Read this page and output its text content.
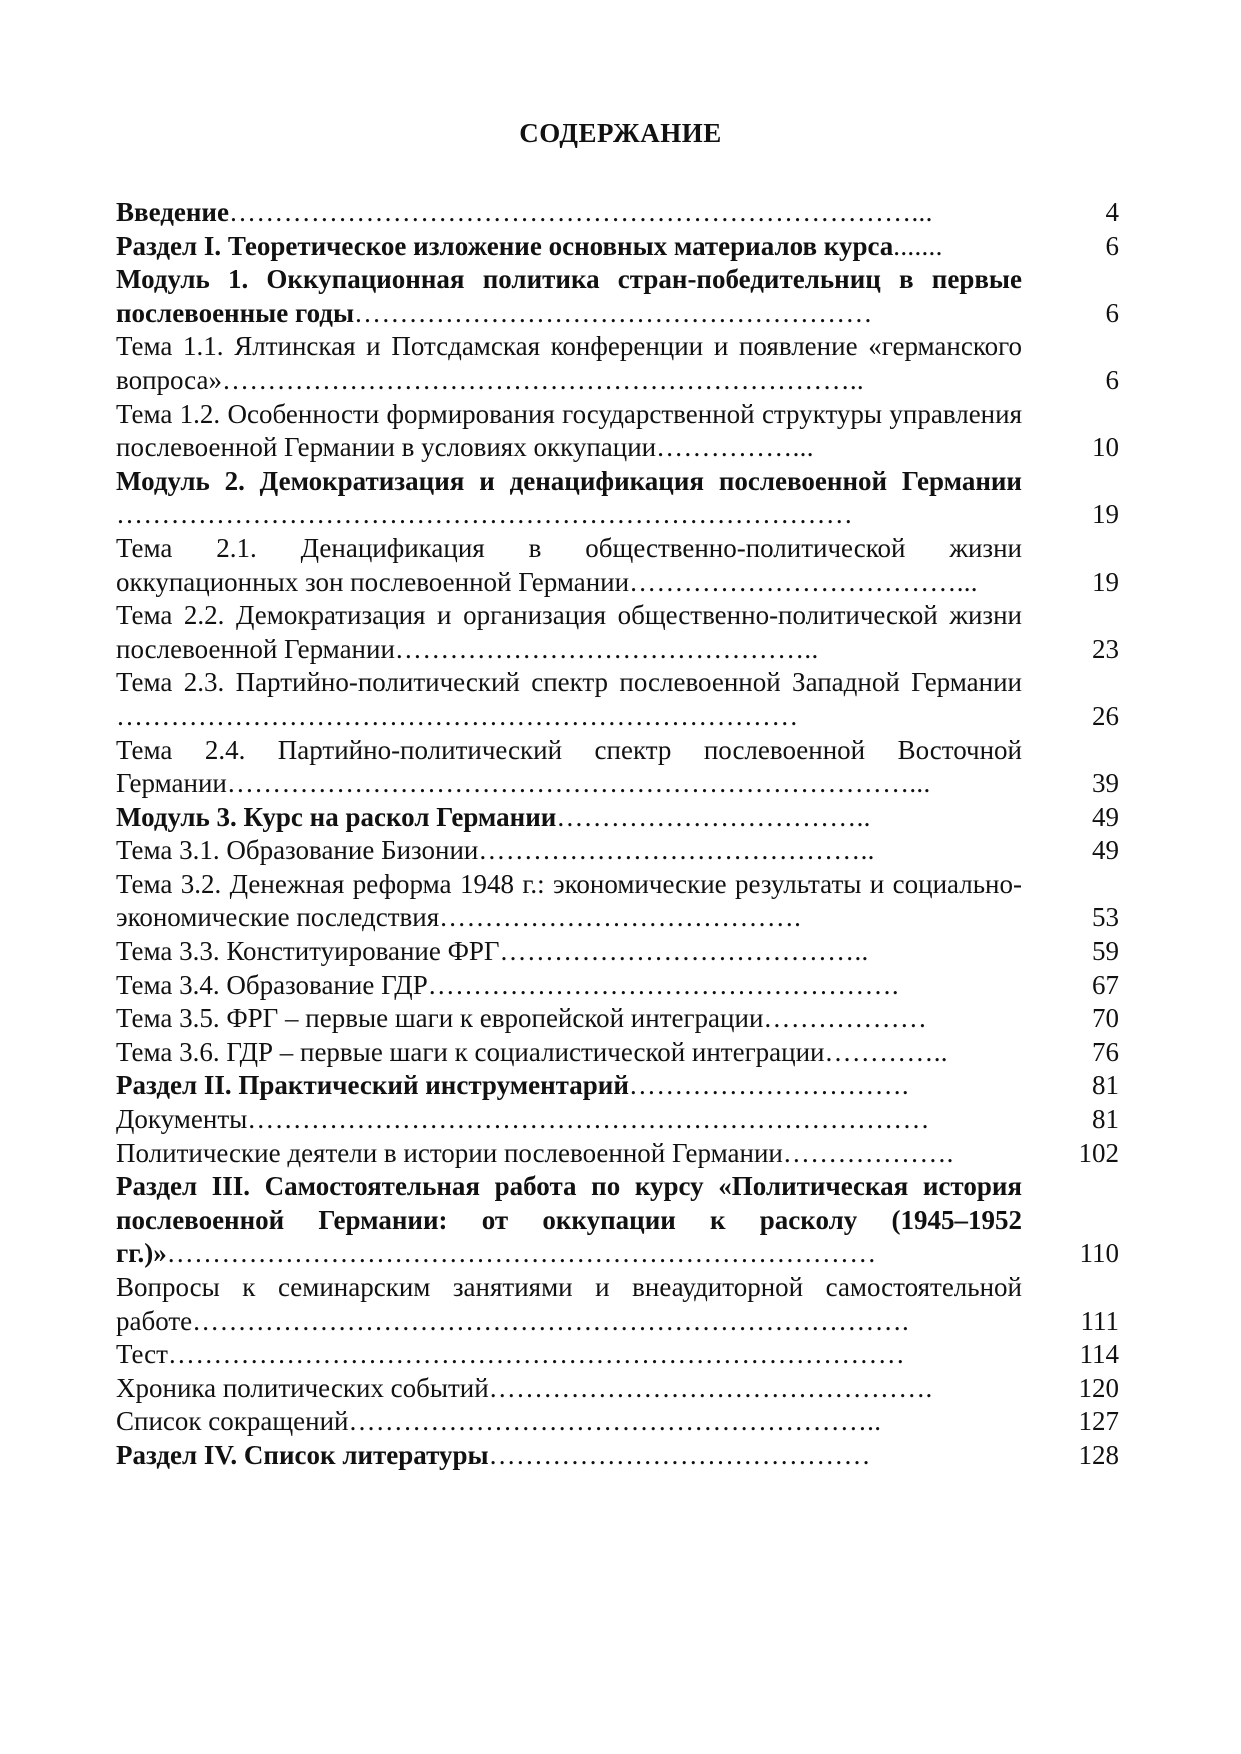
СОДЕРЖАНИЕ
Введение…………………………………………………………………...	4
Раздел I. Теоретическое изложение основных материалов курса.......	6
Модуль 1. Оккупационная политика стран-победительниц в первые послевоенные годы…………………………………………………	6
Тема 1.1. Ялтинская и Потсдамская конференции и появление «германского вопроса»……………………………………………………………..	6
Тема 1.2. Особенности формирования государственной структуры управления послевоенной Германии в условиях оккупации……………...	10
Модуль 2. Демократизация и денацификация послевоенной Германии ………………………………………………………………………	19
Тема 2.1. Денацификация в общественно-политической жизни оккупационных зон послевоенной Германии………………………………...	19
Тема 2.2. Демократизация и организация общественно-политической жизни послевоенной Германии………………………………………..	23
Тема 2.3. Партийно-политический спектр послевоенной Западной Германии …………………………………………………………………	26
Тема 2.4. Партийно-политический спектр послевоенной Восточной Германии…………………………………………………………………...	39
Модуль 3. Курс на раскол Германии……………………………..	49
Тема 3.1. Образование Бизонии……………………………………..	49
Тема 3.2. Денежная реформа 1948 г.: экономические результаты и социально-экономические последствия………………………………….	53
Тема 3.3. Конституирование ФРГ…………………………………..	59
Тема 3.4. Образование ГДР…………………………………………….	67
Тема 3.5. ФРГ – первые шаги к европейской интеграции………………	70
Тема 3.6. ГДР – первые шаги к социалистической интеграции…………..	76
Раздел II. Практический инструментарий………………………….	81
Документы…………………………………………………………………	81
Политические деятели в истории послевоенной Германии……………….	102
Раздел III. Самостоятельная работа по курсу «Политическая история послевоенной Германии: от оккупации к расколу (1945–1952 гг.)»……………………………………………………………………	110
Вопросы к семинарским занятиями и внеаудиторной самостоятельной работе…………………………………………………………………….	111
Тест………………………………………………………………………	114
Хроника политических событий………………………………………….	120
Список сокращений…………………………………………………..	127
Раздел IV. Список литературы……………………………………	128
